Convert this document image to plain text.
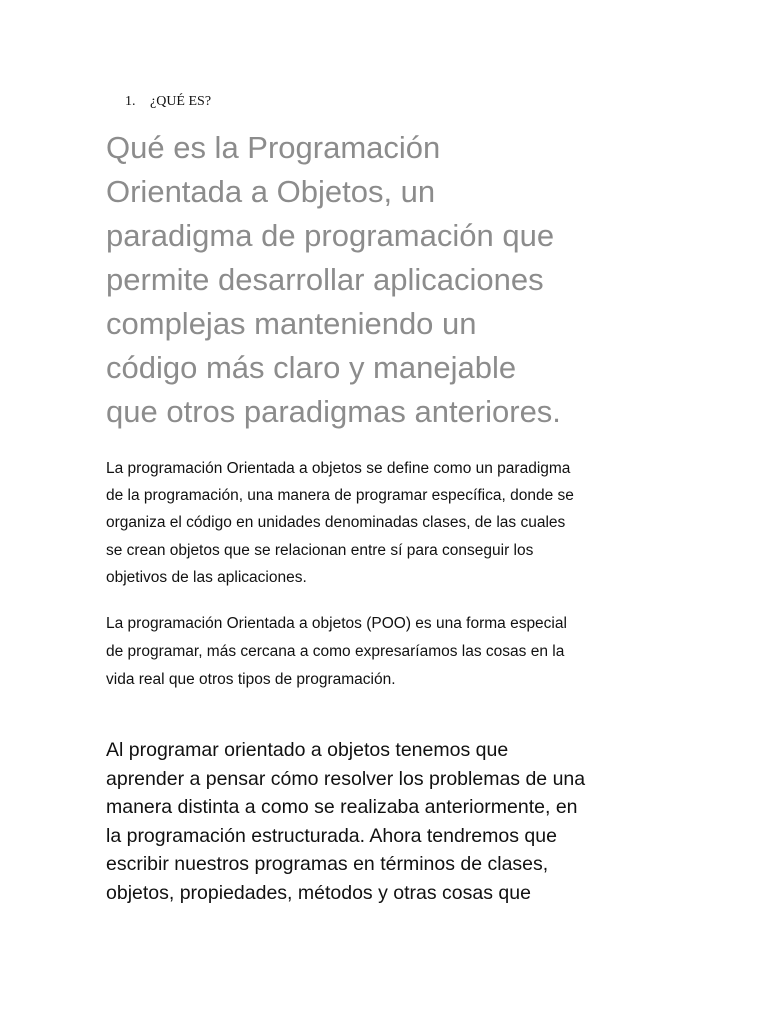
1. ¿QUÉ ES?
Qué es la Programación
Orientada a Objetos, un
paradigma de programación que
permite desarrollar aplicaciones
complejas manteniendo un
código más claro y manejable
que otros paradigmas anteriores.
La programación Orientada a objetos se define como un paradigma
de la programación, una manera de programar específica, donde se
organiza el código en unidades denominadas clases, de las cuales
se crean objetos que se relacionan entre sí para conseguir los
objetivos de las aplicaciones.
La programación Orientada a objetos (POO) es una forma especial
de programar, más cercana a como expresaríamos las cosas en la
vida real que otros tipos de programación.
Al programar orientado a objetos tenemos que
aprender a pensar cómo resolver los problemas de una
manera distinta a como se realizaba anteriormente, en
la programación estructurada. Ahora tendremos que
escribir nuestros programas en términos de clases,
objetos, propiedades, métodos y otras cosas que
